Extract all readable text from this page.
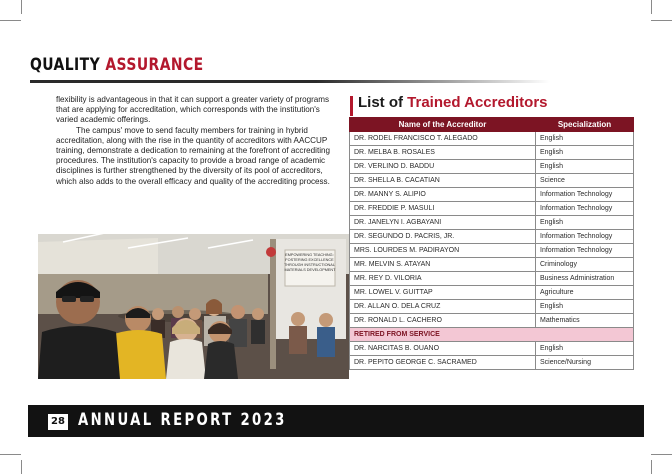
QUALITY ASSURANCE

flexibility is advantageous in that it can support a greater variety of programs that are applying for accreditation, which corresponds with the institution's varied academic offerings.

The campus' move to send faculty members for training in hybrid accreditation, along with the rise in the quantity of accreditors with AACCUP training, demonstrate a dedication to remaining at the forefront of accrediting procedures. The institution's capacity to provide a broad range of academic disciplines is further strengthened by the diversity of its pool of accreditors, which also adds to the overall efficacy and quality of the accrediting process.

EMPOWERING TEACHING: FOSTERING EXCELLENCE THROUGH INSTRUCTIONAL MATERIALS DEVELOPMENT
List of Trained Accreditors
Name of the Accreditor	Specialization
DR. RODEL FRANCISCO T. ALEGADO	English
DR. MELBA B. ROSALES	English
DR. VERLINO D. BADDU	English
DR. SHELLA B. CACATIAN	Science
DR. MANNY S. ALIPIO	Information Technology
DR. FREDDIE P. MASULI	Information Technology
DR. JANELYN I. AGBAYANI	English
DR. SEGUNDO D. PACRIS, JR.	Information Technology
MRS. LOURDES M. PADIRAYON	Information Technology
MR. MELVIN S. ATAYAN	Criminology
MR. REY D. VILORIA	Business Administration
MR. LOWEL V. GUITTAP	Agriculture
DR. ALLAN O. DELA CRUZ	English
DR. RONALD L. CACHERO	Mathematics
RETIRED FROM SERVICE	
DR. NARCITAS B. OUANO	English
DR. PEPITO GEORGE C. SACRAMED	Science/Nursing
28 ANNUAL REPORT 2023
